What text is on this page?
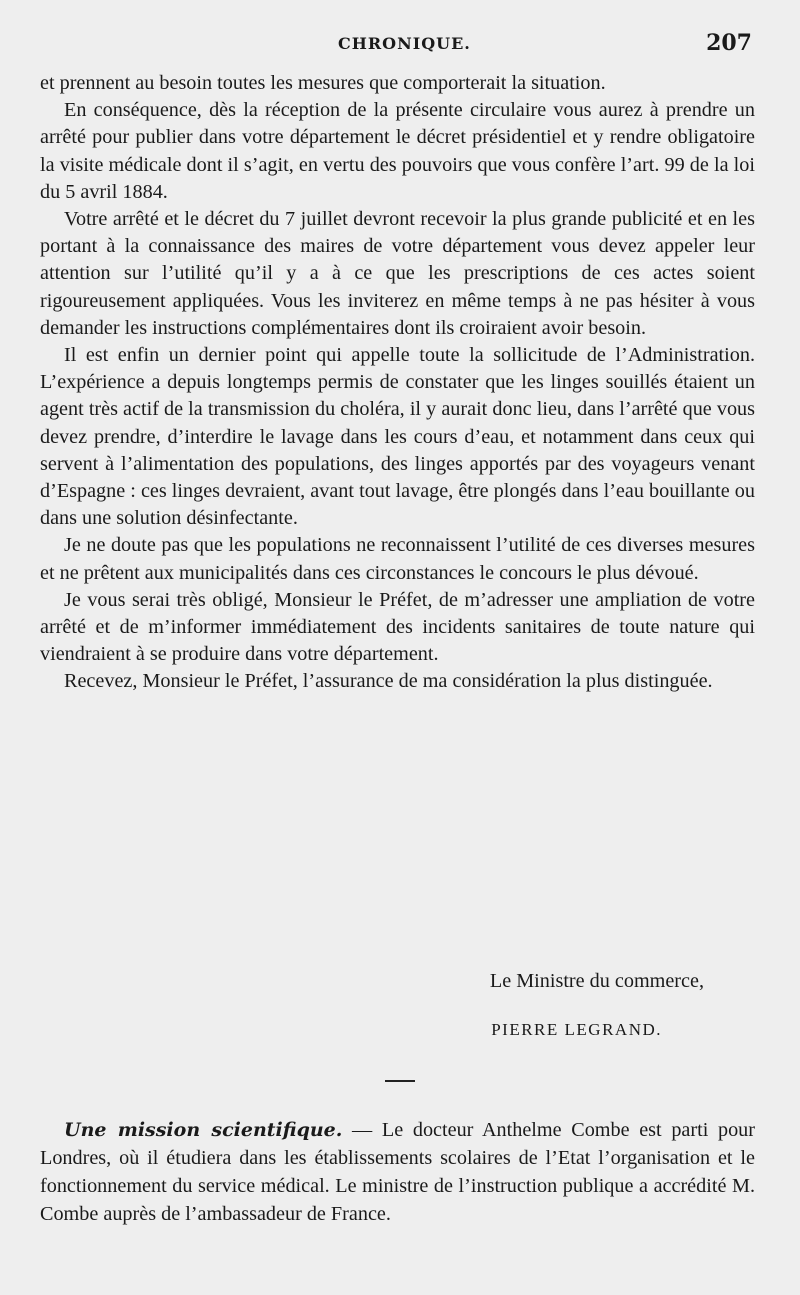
CHRONIQUE.	207

et prennent au besoin toutes les mesures que comporterait la situation.

En conséquence, dès la réception de la présente circulaire vous aurez à prendre un arrêté pour publier dans votre département le décret présidentiel et y rendre obligatoire la visite médicale dont il s’agit, en vertu des pouvoirs que vous confère l’art. 99 de la loi du 5 avril 1884.

Votre arrêté et le décret du 7 juillet devront recevoir la plus grande publicité et en les portant à la connaissance des maires de votre département vous devez appeler leur attention sur l’utilité qu’il y a à ce que les prescriptions de ces actes soient rigoureusement appliquées. Vous les inviterez en même temps à ne pas hésiter à vous demander les instructions complémentaires dont ils croiraient avoir besoin.

Il est enfin un dernier point qui appelle toute la sollicitude de l’Administration. L’expérience a depuis longtemps permis de constater que les linges souillés étaient un agent très actif de la transmission du choléra, il y aurait donc lieu, dans l’arrêté que vous devez prendre, d’interdire le lavage dans les cours d’eau, et notamment dans ceux qui servent à l’alimentation des populations, des linges apportés par des voyageurs venant d’Espagne : ces linges devraient, avant tout lavage, être plongés dans l’eau bouillante ou dans une solution désinfectante.

Je ne doute pas que les populations ne reconnaissent l’utilité de ces diverses mesures et ne prêtent aux municipalités dans ces circonstances le concours le plus dévoué.

Je vous serai très obligé, Monsieur le Préfet, de m’adresser une ampliation de votre arrêté et de m’informer immédiatement des incidents sanitaires de toute nature qui viendraient à se produire dans votre département.

Recevez, Monsieur le Préfet, l’assurance de ma considération la plus distinguée.

Le Ministre du commerce,
PIERRE LEGRAND.

Une mission scientifique. — Le docteur Anthelme Combe est parti pour Londres, où il étudiera dans les établissements scolaires de l’Etat l’organisation et le fonctionnement du service médical. Le ministre de l’instruction publique a accrédité M. Combe auprès de l’ambassadeur de France.
